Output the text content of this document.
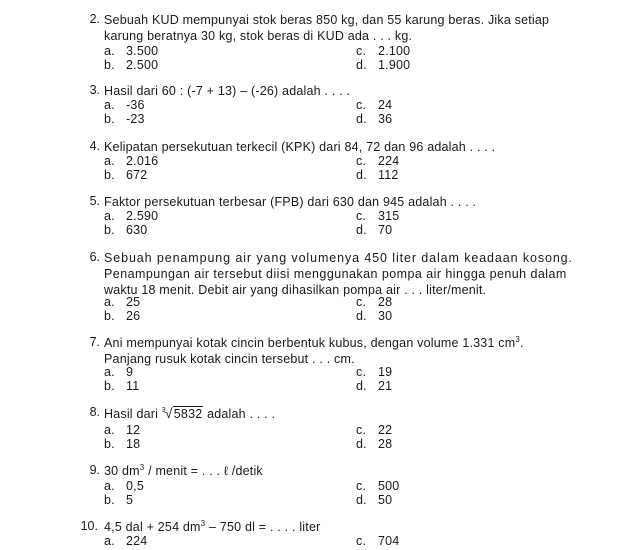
2. Sebuah KUD mempunyai stok beras 850 kg, dan 55 karung beras. Jika setiap
karung beratnya 30 kg, stok beras di KUD ada . . . kg.
a. 3.500	c. 2.100
b. 2.500	d. 1.900
3. Hasil dari 60 : (-7 + 13) – (-26) adalah . . . .
a. -36	c. 24
b. -23	d. 36
4. Kelipatan persekutuan terkecil (KPK) dari 84, 72 dan 96 adalah . . . .
a. 2.016	c. 224
b. 672	d. 112
5. Faktor persekutuan terbesar (FPB) dari 630 dan 945 adalah . . . .
a. 2.590	c. 315
b. 630	d. 70
6. Sebuah penampung air yang volumenya 450 liter dalam keadaan kosong.
Penampungan air tersebut diisi menggunakan pompa air hingga penuh dalam
waktu 18 menit. Debit air yang dihasilkan pompa air . . . liter/menit.
a. 25	c. 28
b. 26	d. 30
7. Ani mempunyai kotak cincin berbentuk kubus, dengan volume 1.331 $cm^3$.
Panjang rusuk kotak cincin tersebut . . . cm.
a. 9	c. 19
b. 11	d. 21
8. Hasil dari $^3$√5832 adalah . . . .
a. 12	c. 22
b. 18	d. 28
9. 30 $dm^3$ / menit = . . . ℓ /detik
a. 0,5	c. 500
b. 5	d. 50
10. 4,5 dal + 254 $dm^3 - 750$ dl = . . . . liter
a. 224	c. 704
